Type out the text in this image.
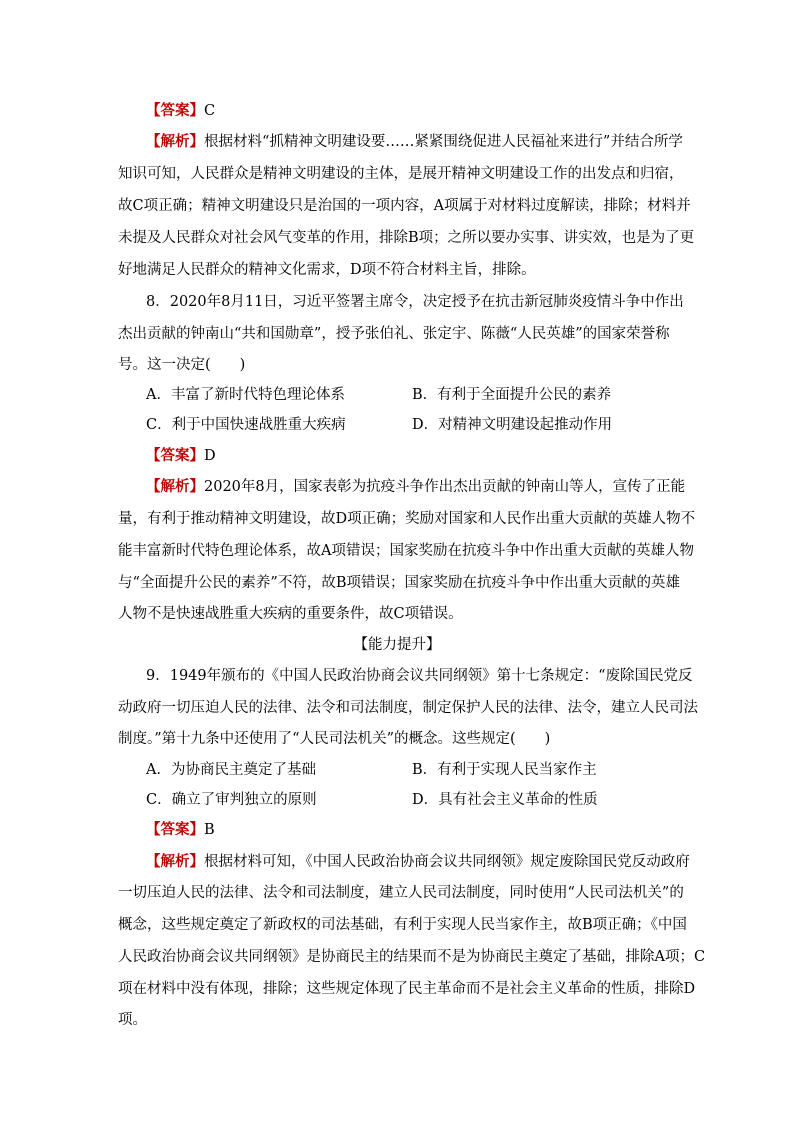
【答案】C
【解析】根据材料“抓精神文明建设要……紧紧围绕促进人民福祉来进行”并结合所学
知识可知，人民群众是精神文明建设的主体，是展开精神文明建设工作的出发点和归宿，
故C项正确；精神文明建设只是治国的一项内容，A项属于对材料过度解读，排除；材料并
未提及人民群众对社会风气变革的作用，排除B项；之所以要办实事、讲实效，也是为了更
好地满足人民群众的精神文化需求，D项不符合材料主旨，排除。
8．2020年8月11日，习近平签署主席令，决定授予在抗击新冠肺炎疫情斗争中作出
杰出贡献的钟南山“共和国勋章”，授予张伯礼、张定宇、陈薇“人民英雄”的国家荣誉称
号。这一决定(　　)
A．丰富了新时代特色理论体系	B．有利于全面提升公民的素养
C．利于中国快速战胜重大疾病	D．对精神文明建设起推动作用
【答案】D
【解析】2020年8月，国家表彰为抗疫斗争作出杰出贡献的钟南山等人，宣传了正能
量，有利于推动精神文明建设，故D项正确；奖励对国家和人民作出重大贡献的英雄人物不
能丰富新时代特色理论体系，故A项错误；国家奖励在抗疫斗争中作出重大贡献的英雄人物
与“全面提升公民的素养”不符，故B项错误；国家奖励在抗疫斗争中作出重大贡献的英雄
人物不是快速战胜重大疾病的重要条件，故C项错误。
【能力提升】
9．1949年颁布的《中国人民政治协商会议共同纲领》第十七条规定：“废除国民党反
动政府一切压迫人民的法律、法令和司法制度，制定保护人民的法律、法令，建立人民司法
制度。”第十九条中还使用了“人民司法机关”的概念。这些规定(　　)
A．为协商民主奠定了基础	B．有利于实现人民当家作主
C．确立了审判独立的原则	D．具有社会主义革命的性质
【答案】B
【解析】根据材料可知，《中国人民政治协商会议共同纲领》规定废除国民党反动政府
一切压迫人民的法律、法令和司法制度，建立人民司法制度，同时使用“人民司法机关”的
概念，这些规定奠定了新政权的司法基础，有利于实现人民当家作主，故B项正确；《中国
人民政治协商会议共同纲领》是协商民主的结果而不是为协商民主奠定了基础，排除A项；C
项在材料中没有体现，排除；这些规定体现了民主革命而不是社会主义革命的性质，排除D
项。
